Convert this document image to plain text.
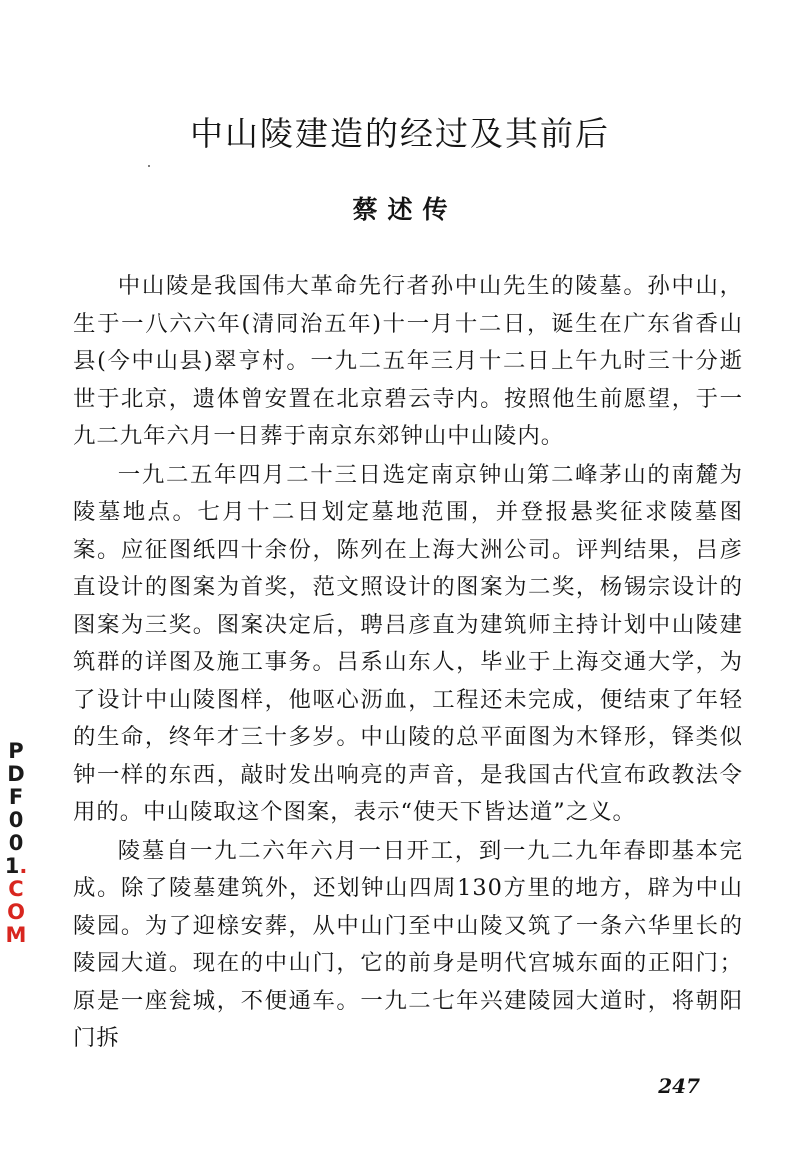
中山陵建造的经过及其前后
蔡述传

中山陵是我国伟大革命先行者孙中山先生的陵墓。孙中山，生于一八六六年(清同治五年)十一月十二日，诞生在广东省香山县(今中山县)翠亨村。一九二五年三月十二日上午九时三十分逝世于北京，遗体曾安置在北京碧云寺内。按照他生前愿望，于一九二九年六月一日葬于南京东郊钟山中山陵内。

一九二五年四月二十三日选定南京钟山第二峰茅山的南麓为陵墓地点。七月十二日划定墓地范围，并登报悬奖征求陵墓图案。应征图纸四十余份，陈列在上海大洲公司。评判结果，吕彦直设计的图案为首奖，范文照设计的图案为二奖，杨锡宗设计的图案为三奖。图案决定后，聘吕彦直为建筑师主持计划中山陵建筑群的详图及施工事务。吕系山东人，毕业于上海交通大学，为了设计中山陵图样，他呕心沥血，工程还未完成，便结束了年轻的生命，终年才三十多岁。中山陵的总平面图为木铎形，铎类似钟一样的东西，敲时发出响亮的声音，是我国古代宣布政教法令用的。中山陵取这个图案，表示“使天下皆达道”之义。

陵墓自一九二六年六月一日开工，到一九二九年春即基本完成。除了陵墓建筑外，还划钟山四周130方里的地方，辟为中山陵园。为了迎榇安葬，从中山门至中山陵又筑了一条六华里长的陵园大道。现在的中山门，它的前身是明代宫城东面的正阳门；原是一座瓮城，不便通车。一九二七年兴建陵园大道时，将朝阳门拆

PDF001.COM
247
